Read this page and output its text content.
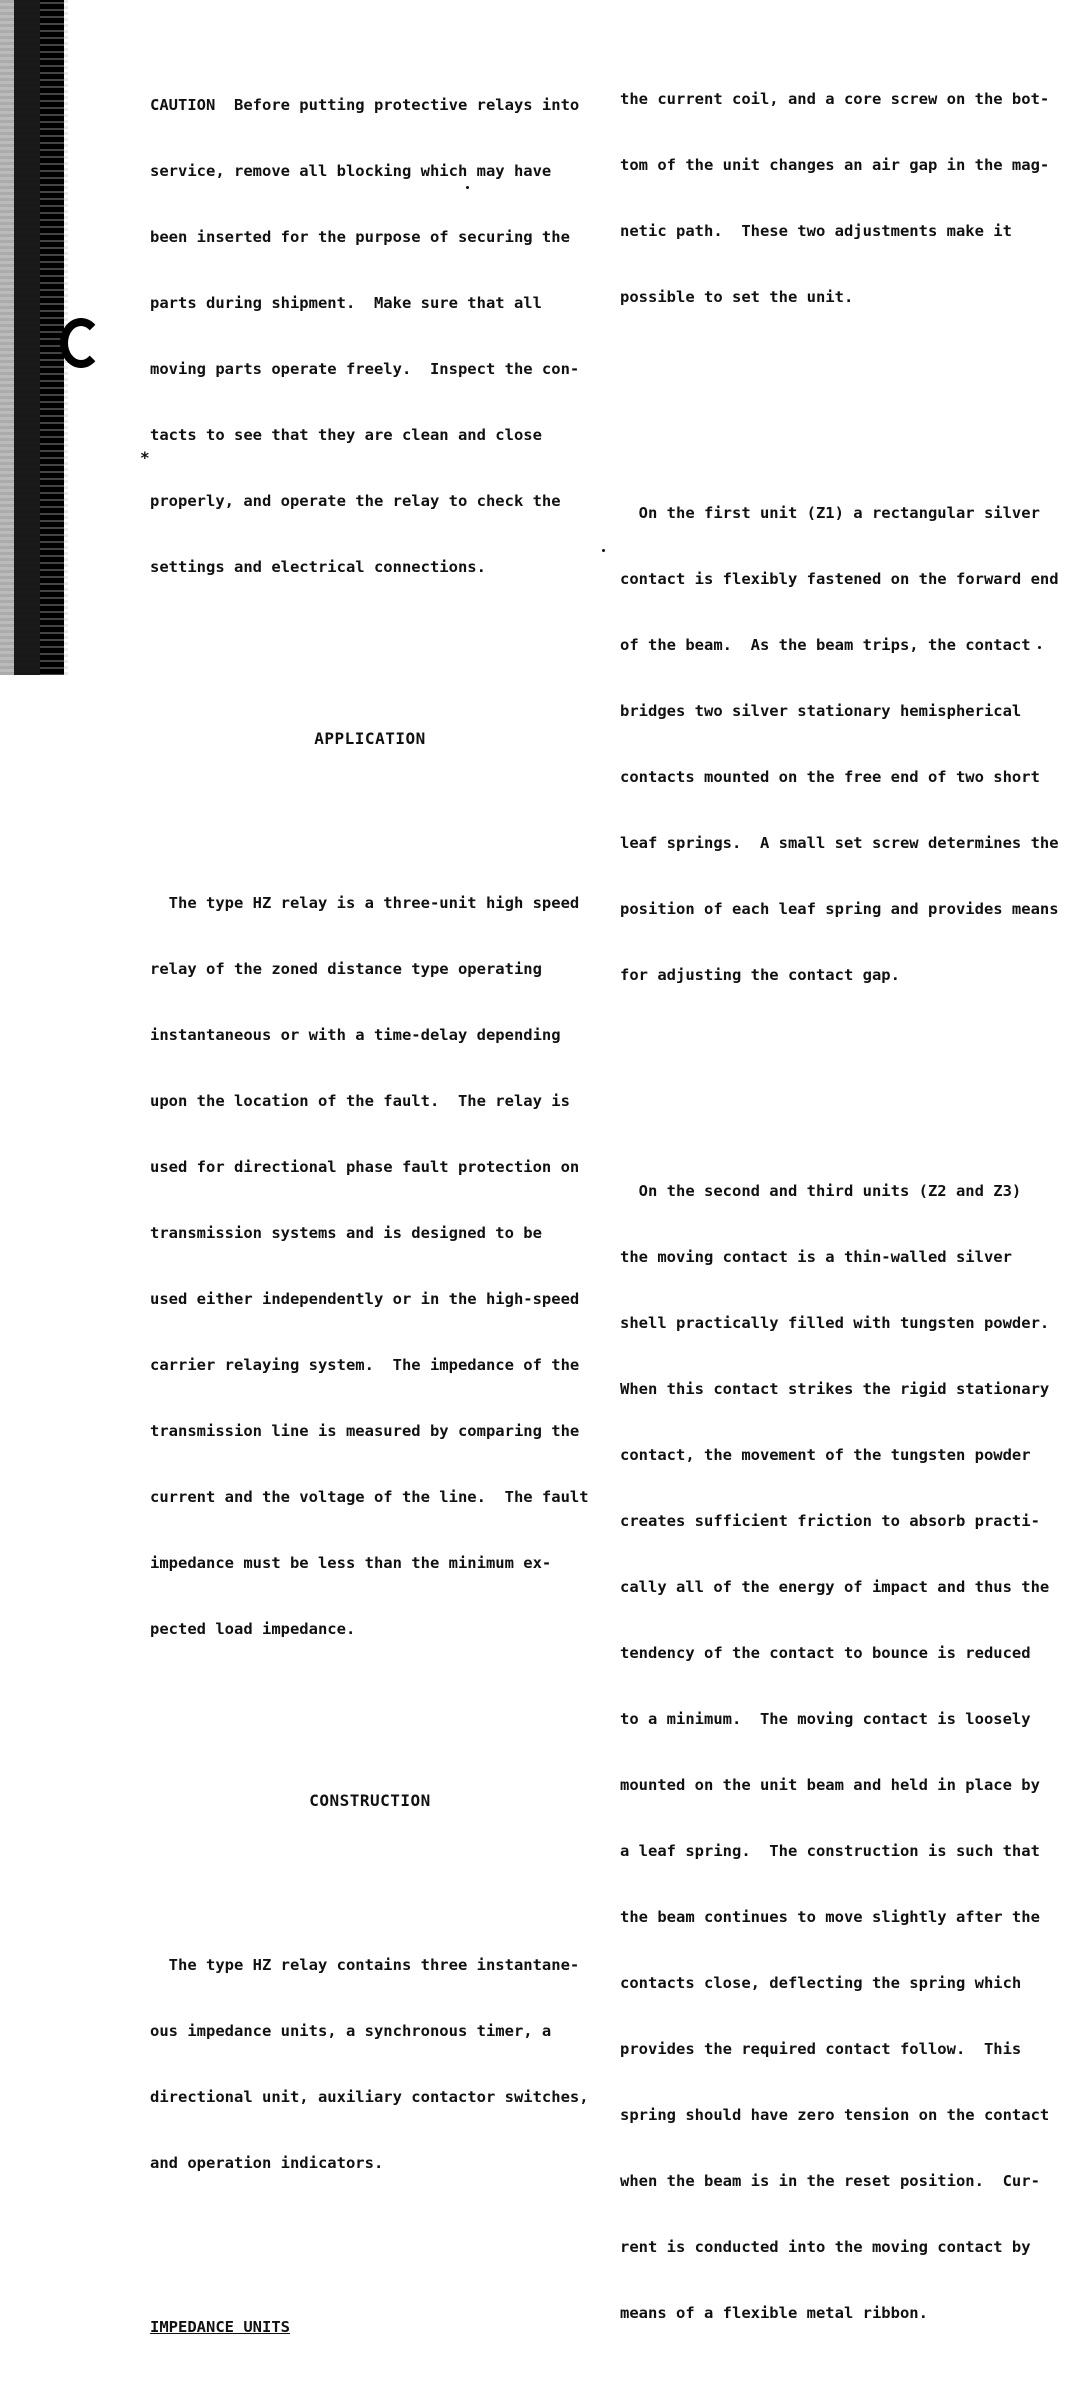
CAUTION  Before putting protective relays into

service, remove all blocking which may have

been inserted for the purpose of securing the

parts during shipment.  Make sure that all

moving parts operate freely.  Inspect the con-

tacts to see that they are clean and close

properly, and operate the relay to check the

settings and electrical connections.

APPLICATION

The type HZ relay is a three-unit high speed

relay of the zoned distance type operating

instantaneous or with a time-delay depending

upon the location of the fault.  The relay is

used for directional phase fault protection on

transmission systems and is designed to be

used either independently or in the high-speed

carrier relaying system.  The impedance of the

transmission line is measured by comparing the

current and the voltage of the line.  The fault

impedance must be less than the minimum ex-

pected load impedance.

CONSTRUCTION

The type HZ relay contains three instantane-

ous impedance units, a synchronous timer, a

directional unit, auxiliary contactor switches,

and operation indicators.

IMPEDANCE UNITS

*

the current coil, and a core screw on the bot-

tom of the unit changes an air gap in the mag-

netic path.  These two adjustments make it

possible to set the unit.

On the first unit (Z1) a rectangular silver

contact is flexibly fastened on the forward end

of the beam.  As the beam trips, the contact

bridges two silver stationary hemispherical

contacts mounted on the free end of two short

leaf springs.  A small set screw determines the

position of each leaf spring and provides means

for adjusting the contact gap.

On the second and third units (Z2 and Z3)

the moving contact is a thin-walled silver

shell practically filled with tungsten powder.

When this contact strikes the rigid stationary

contact, the movement of the tungsten powder

creates sufficient friction to absorb practi-

cally all of the energy of impact and thus the

tendency of the contact to bounce is reduced

to a minimum.  The moving contact is loosely

mounted on the unit beam and held in place by

a leaf spring.  The construction is such that

the beam continues to move slightly after the

contacts close, deflecting the spring which

provides the required contact follow.  This

spring should have zero tension on the contact

when the beam is in the reset position.  Cur-

rent is conducted into the moving contact by

means of a flexible metal ribbon.
